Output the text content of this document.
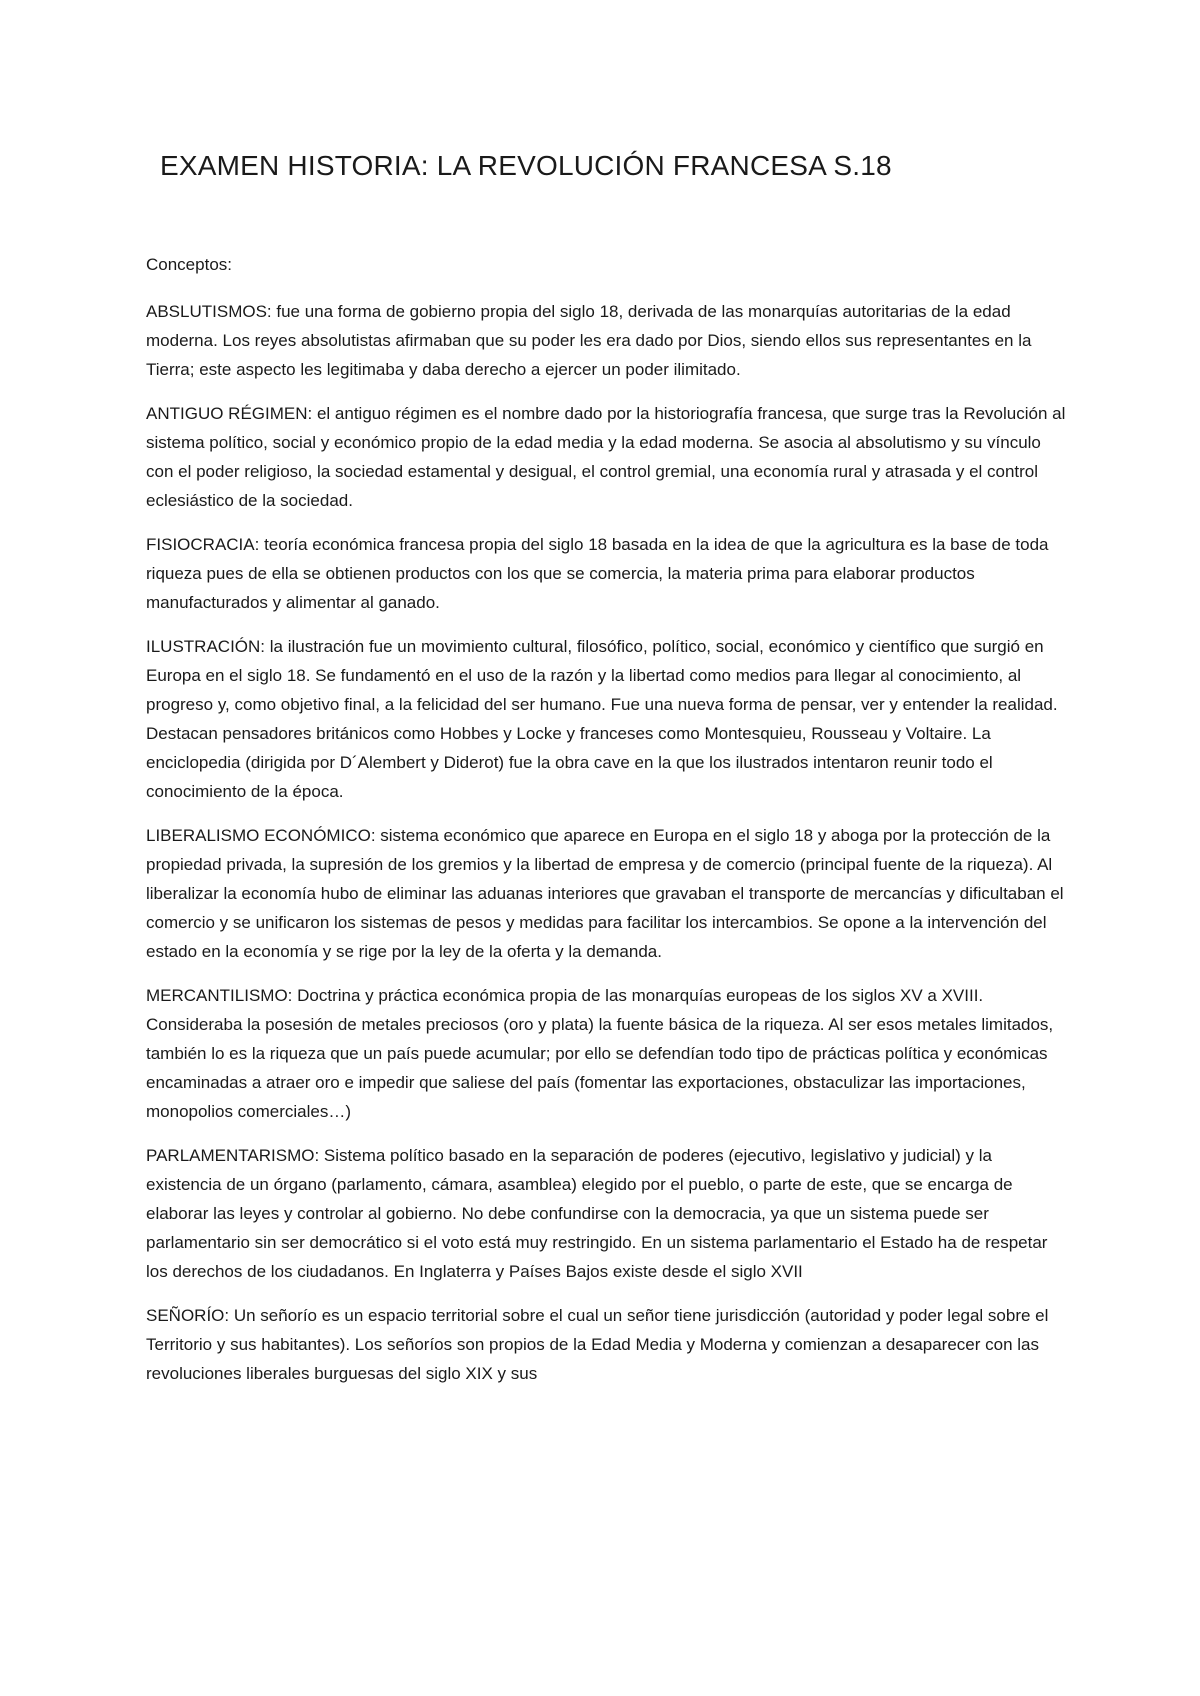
EXAMEN HISTORIA: LA REVOLUCIÓN FRANCESA S.18
Conceptos:

ABSLUTISMOS: fue una forma de gobierno propia del siglo 18, derivada de las monarquías autoritarias de la edad moderna. Los reyes absolutistas afirmaban que su poder les era dado por Dios, siendo ellos sus representantes en la Tierra; este aspecto les legitimaba y daba derecho a ejercer un poder ilimitado.

ANTIGUO RÉGIMEN: el antiguo régimen es el nombre dado por la historiografía francesa, que surge tras la Revolución al sistema político, social y económico propio de la edad media y la edad moderna. Se asocia al absolutismo y su vínculo con el poder religioso, la sociedad estamental y desigual, el control gremial, una economía rural y atrasada y el control eclesiástico de la sociedad.

FISIOCRACIA: teoría económica francesa propia del siglo 18 basada en la idea de que la agricultura es la base de toda riqueza pues de ella se obtienen productos con los que se comercia, la materia prima para elaborar productos manufacturados y alimentar al ganado.

ILUSTRACIÓN: la ilustración fue un movimiento cultural, filosófico, político, social, económico y científico que surgió en Europa en el siglo 18. Se fundamentó en el uso de la razón y la libertad como medios para llegar al conocimiento, al progreso y, como objetivo final, a la felicidad del ser humano. Fue una nueva forma de pensar, ver y entender la realidad. Destacan pensadores británicos como Hobbes y Locke y franceses como Montesquieu, Rousseau y Voltaire. La enciclopedia (dirigida por D´Alembert y Diderot) fue la obra cave en la que los ilustrados intentaron reunir todo el conocimiento de la época.

LIBERALISMO ECONÓMICO: sistema económico que aparece en Europa en el siglo 18 y aboga por la protección de la propiedad privada, la supresión de los gremios y la libertad de empresa y de comercio (principal fuente de la riqueza). Al liberalizar la economía hubo de eliminar las aduanas interiores que gravaban el transporte de mercancías y dificultaban el comercio y se unificaron los sistemas de pesos y medidas para facilitar los intercambios. Se opone a la intervención del estado en la economía y se rige por la ley de la oferta y la demanda.

MERCANTILISMO: Doctrina y práctica económica propia de las monarquías europeas de los siglos XV a XVIII. Consideraba la posesión de metales preciosos (oro y plata) la fuente básica de la riqueza. Al ser esos metales limitados, también lo es la riqueza que un país puede acumular; por ello se defendían todo tipo de prácticas política y económicas encaminadas a atraer oro e impedir que saliese del país (fomentar las exportaciones, obstaculizar las importaciones, monopolios comerciales…)

PARLAMENTARISMO: Sistema político basado en la separación de poderes (ejecutivo, legislativo y judicial) y la existencia de un órgano (parlamento, cámara, asamblea) elegido por el pueblo, o parte de este, que se encarga de elaborar las leyes y controlar al gobierno. No debe confundirse con la democracia, ya que un sistema puede ser parlamentario sin ser democrático si el voto está muy restringido. En un sistema parlamentario el Estado ha de respetar los derechos de los ciudadanos. En Inglaterra y Países Bajos existe desde el siglo XVII

SEÑORÍO: Un señorío es un espacio territorial sobre el cual un señor tiene jurisdicción (autoridad y poder legal sobre el Territorio y sus habitantes). Los señoríos son propios de la Edad Media y Moderna y comienzan a desaparecer con las revoluciones liberales burguesas del siglo XIX y sus
